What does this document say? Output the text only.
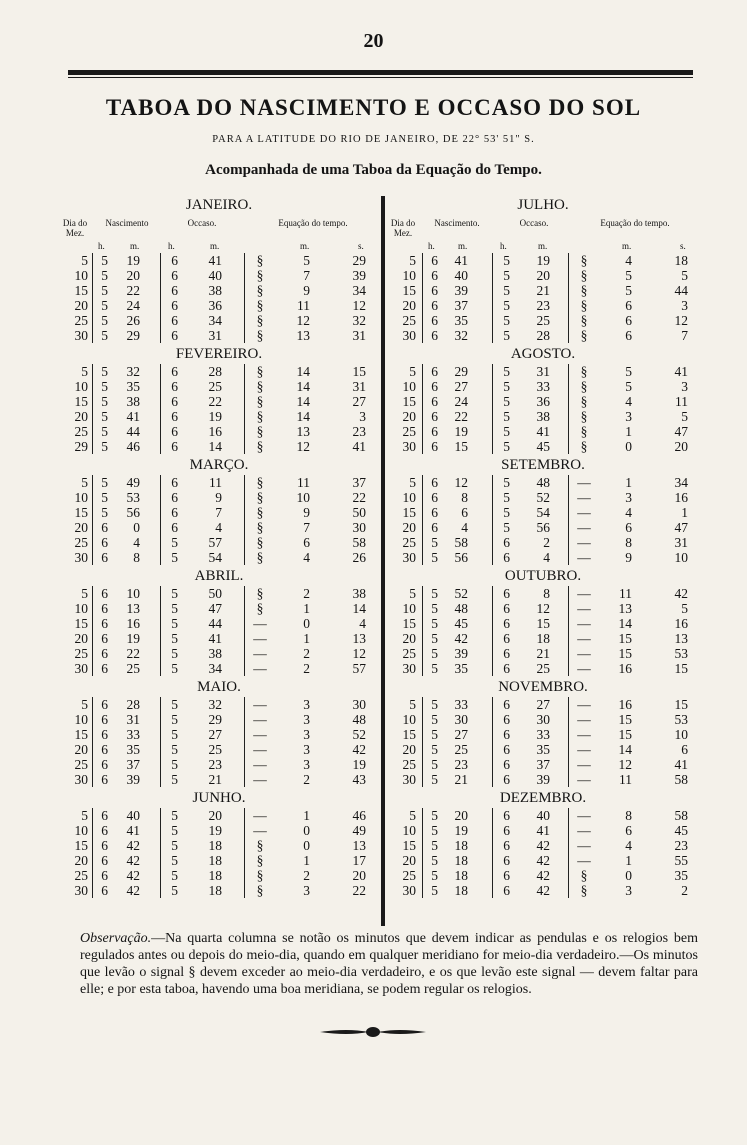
20
TABOA DO NASCIMENTO E OCCASO DO SOL
PARA A LATITUDE DO RIO DE JANEIRO, DE 22° 53' 51" S.
Acompanhada de uma Taboa da Equação do Tempo.
JANEIRO.
Dia do Mez.
Nascimento	Occaso.	Equação do tempo.
h.	m.	h.	m.	m.	s.
5 5	19	6	41	§	5	29
10 5	20	6	40	§	7	39
15 5	22	6	38	§	9	34
20 5	24	6	36	§	11	12
25 5	26	6	34	§	12	32
30 5	29	6	31	§	13	31
FEVEREIRO.
5 5	32	6	28	§	14	15
10 5	35	6	25	§	14	31
15 5	38	6	22	§	14	27
20 5	41	6	19	§	14	3
25 5	44	6	16	§	13	23
29 5	46	6	14	§	12	41
MARÇO.
5 5	49	6	11	§	11	37
10 5	53	6	9	§	10	22
15 5	56	6	7	§	9	50
20 6	0	6	4	§	7	30
25 6	4	5	57	§	6	58
30 6	8	5	54	§	4	26
ABRIL.
5 6	10	5	50	§	2	38
10 6	13	5	47	§	1	14
15 6	16	5	44 —	0	4
20 6	19	5	41 —	1	13
25 6	22	5	38 —	2	12
30 6	25	5	34 —	2	57
MAIO.
5 6	28	5	32 —	3	30
10 6	31	5	29 —	3	48
15 6	33	5	27 —	3	52
20 6	35	5	25 —	3	42
25 6	37	5	23 —	3	19
30 6	39	5	21 —	2	43
JUNHO.
5 6	40	5	20 —	1	46
10 6	41	5	19 —	0	49
15 6	42	5	18	§	0	13
20 6	42	5	18	§	1	17
25 6	42	5	18	§	2	20
30 6	42	5	18	§	3	22
JULHO.
Dia do Mez.
Nascimento.	Occaso.	Equação do tempo.
h.	m.	h.	m.	m.	s.
5	6	41	5	19	§	4	18
10	6	40	5	20	§	5	5
15	6	39	5	21	§	5	44
20	6	37	5	23	§	6	3
25	6	35	5	25	§	6	12
30	6	32	5	28	§	6	7
AGOSTO.
5	6	29	5	31	§	5	41
10	6	27	5	33	§	5	3
15	6	24	5	36	§	4	11
20	6	22	5	38	§	3	5
25	6	19	5	41	§	1	47
30	6	15	5	45	§	0	20
SETEMBRO.
5	6	12	5	48 —	1	34
10	6	8	5	52 —	3	16
15	6	6	5	54 —	4	1
20	6	4	5	56 —	6	47
25	5	58	6	2 —	8	31
30	5	56	6	4 —	9	10
OUTUBRO.
5	5	52	6	8 —	11	42
10	5	48	6	12 —	13	5
15	5	45	6	15 —	14	16
20	5	42	6	18 —	15	13
25	5	39	6	21 —	15	53
30	5	35	6	25 —	16	15
NOVEMBRO.
5	5	33	6	27 —	16	15
10	5	30	6	30 —	15	53
15	5	27	6	33 —	15	10
20	5	25	6	35 —	14	6
25	5	23	6	37 —	12	41
30	5	21	6	39 —	11	58
DEZEMBRO.
5	5	20	6	40 —	8	58
10	5	19	6	41 —	6	45
15	5	18	6	42 —	4	23
20	5	18	6	42 —	1	55
25	5	18	6	42	§	0	35
30	5	18	6	42	§	3	2
Observação.—Na quarta columna se notão os minutos que devem indicar as pendulas e os relogios bem regulados antes ou depois do meio-dia, quando em qualquer meridiano for meio-dia verdadeiro.—Os minutos que levão o signal § devem exceder ao meio-dia verdadeiro, e os que levão este signal — devem faltar para elle; e por esta taboa, havendo uma boa meridiana, se podem regular os relogios.
